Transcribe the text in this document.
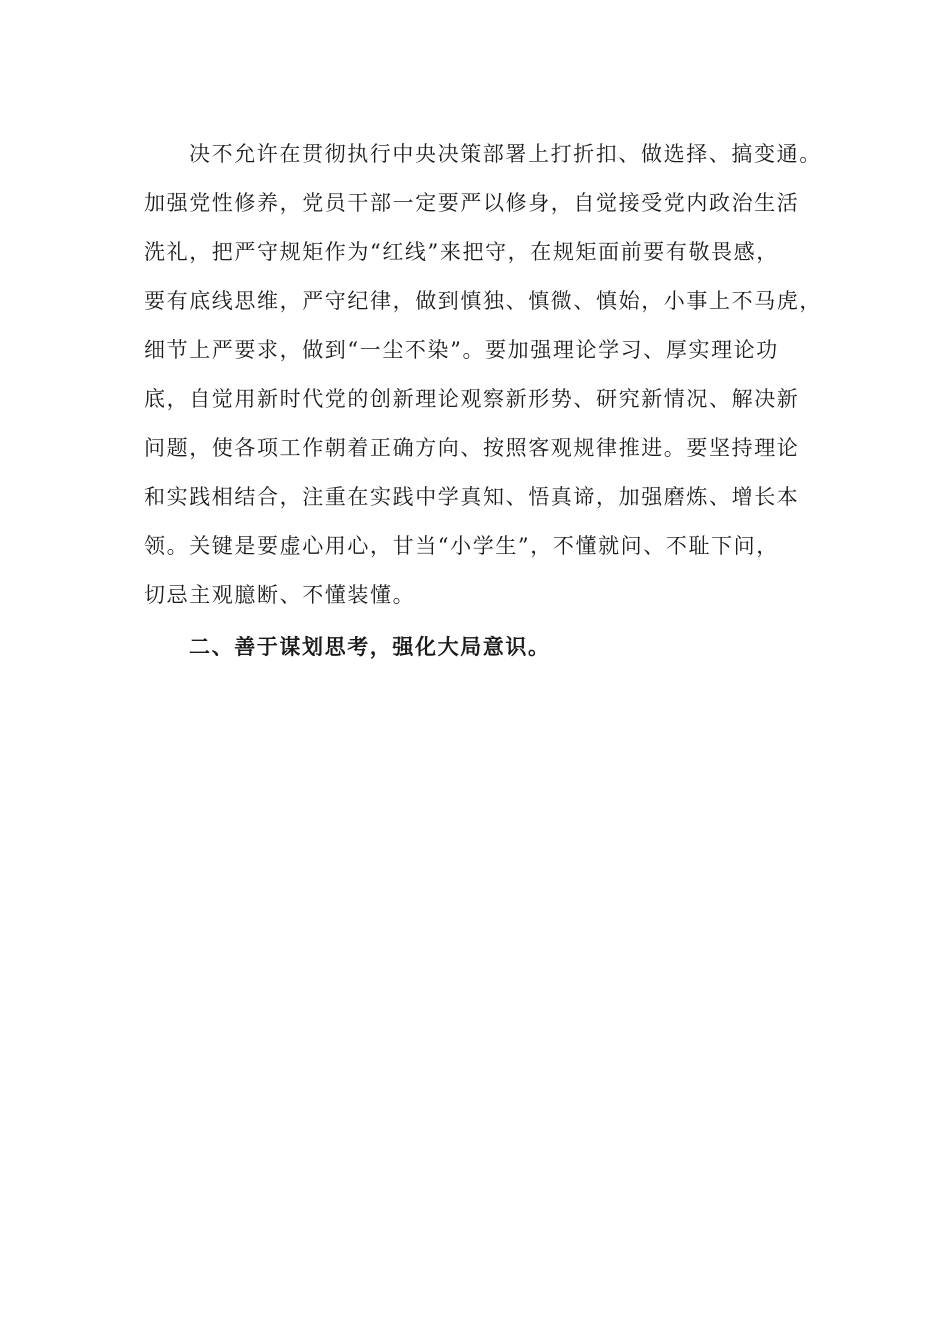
决不允许在贯彻执行中央决策部署上打折扣、做选择、搞变通。
加强党性修养，党员干部一定要严以修身，自觉接受党内政治生活
洗礼，把严守规矩作为“红线”来把守，在规矩面前要有敬畏感，
要有底线思维，严守纪律，做到慎独、慎微、慎始，小事上不马虎，
细节上严要求，做到“一尘不染”。要加强理论学习、厚实理论功
底，自觉用新时代党的创新理论观察新形势、研究新情况、解决新
问题，使各项工作朝着正确方向、按照客观规律推进。要坚持理论
和实践相结合，注重在实践中学真知、悟真谛，加强磨炼、增长本
领。关键是要虚心用心，甘当“小学生”，不懂就问、不耻下问，
切忌主观臆断、不懂装懂。
二、善于谋划思考，强化大局意识。
